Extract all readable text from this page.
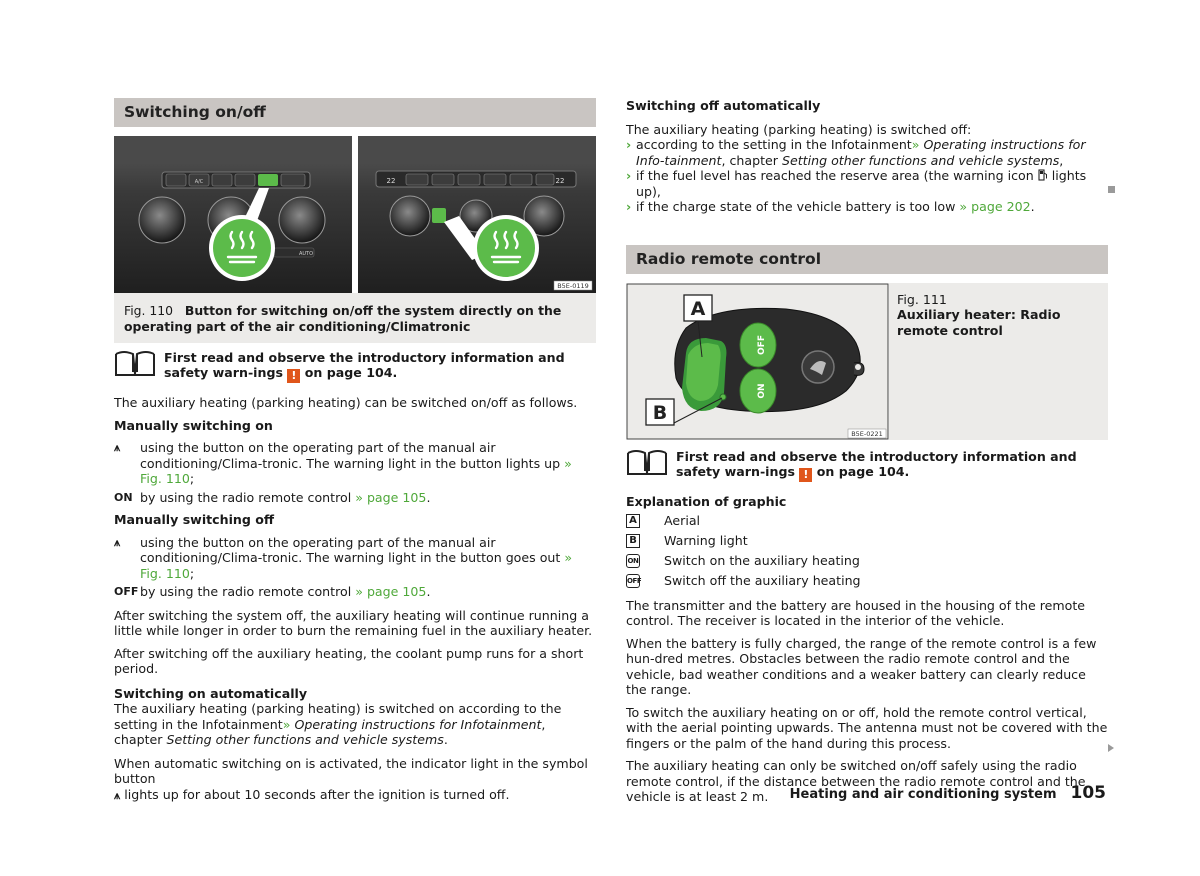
Switching on/off
A/C
AUTO
22	22
B5E-0119
Fig. 110 Button for switching on/off the system directly on the operating part of the air conditioning/Climatronic
First read and observe the introductory information and safety warn-ings ! on page 104.
The auxiliary heating (parking heating) can be switched on/off as follows.
Manually switching on
⩚	using the button on the operating part of the manual air conditioning/Clima-tronic. The warning light in the button lights up » Fig. 110;
ON by using the radio remote control » page 105.
Manually switching off
⩚	using the button on the operating part of the manual air conditioning/Clima-tronic. The warning light in the button goes out » Fig. 110;
OFF by using the radio remote control » page 105.
After switching the system off, the auxiliary heating will continue running a little while longer in order to burn the remaining fuel in the auxiliary heater.
After switching off the auxiliary heating, the coolant pump runs for a short period.
Switching on automatically
The auxiliary heating (parking heating) is switched on according to the setting in the Infotainment» Operating instructions for Infotainment, chapter Setting other functions and vehicle systems.
When automatic switching on is activated, the indicator light in the symbol button
⩚ lights up for about 10 seconds after the ignition is turned off.
Switching off automatically
The auxiliary heating (parking heating) is switched off:
› according to the setting in the Infotainment» Operating instructions for Info-tainment, chapter Setting other functions and vehicle systems,
› if the fuel level has reached the reserve area (the warning icon lights up),
› if the charge state of the vehicle battery is too low » page 202.
Radio remote control
OFF
ON
A
B
B5E-0221
Fig. 111
Auxiliary heater: Radio remote control
First read and observe the introductory information and safety warn-ings ! on page 104.
Explanation of graphic
A Aerial
B Warning light
ON Switch on the auxiliary heating
OFF Switch off the auxiliary heating
The transmitter and the battery are housed in the housing of the remote control. The receiver is located in the interior of the vehicle.
When the battery is fully charged, the range of the remote control is a few hun-dred metres. Obstacles between the radio remote control and the vehicle, bad weather conditions and a weaker battery can clearly reduce the range.
To switch the auxiliary heating on or off, hold the remote control vertical, with the aerial pointing upwards. The antenna must not be covered with the fingers or the palm of the hand during this process.
The auxiliary heating can only be switched on/off safely using the radio remote control, if the distance between the radio remote control and the vehicle is at least 2 m.	Heating and air conditioning system 105
